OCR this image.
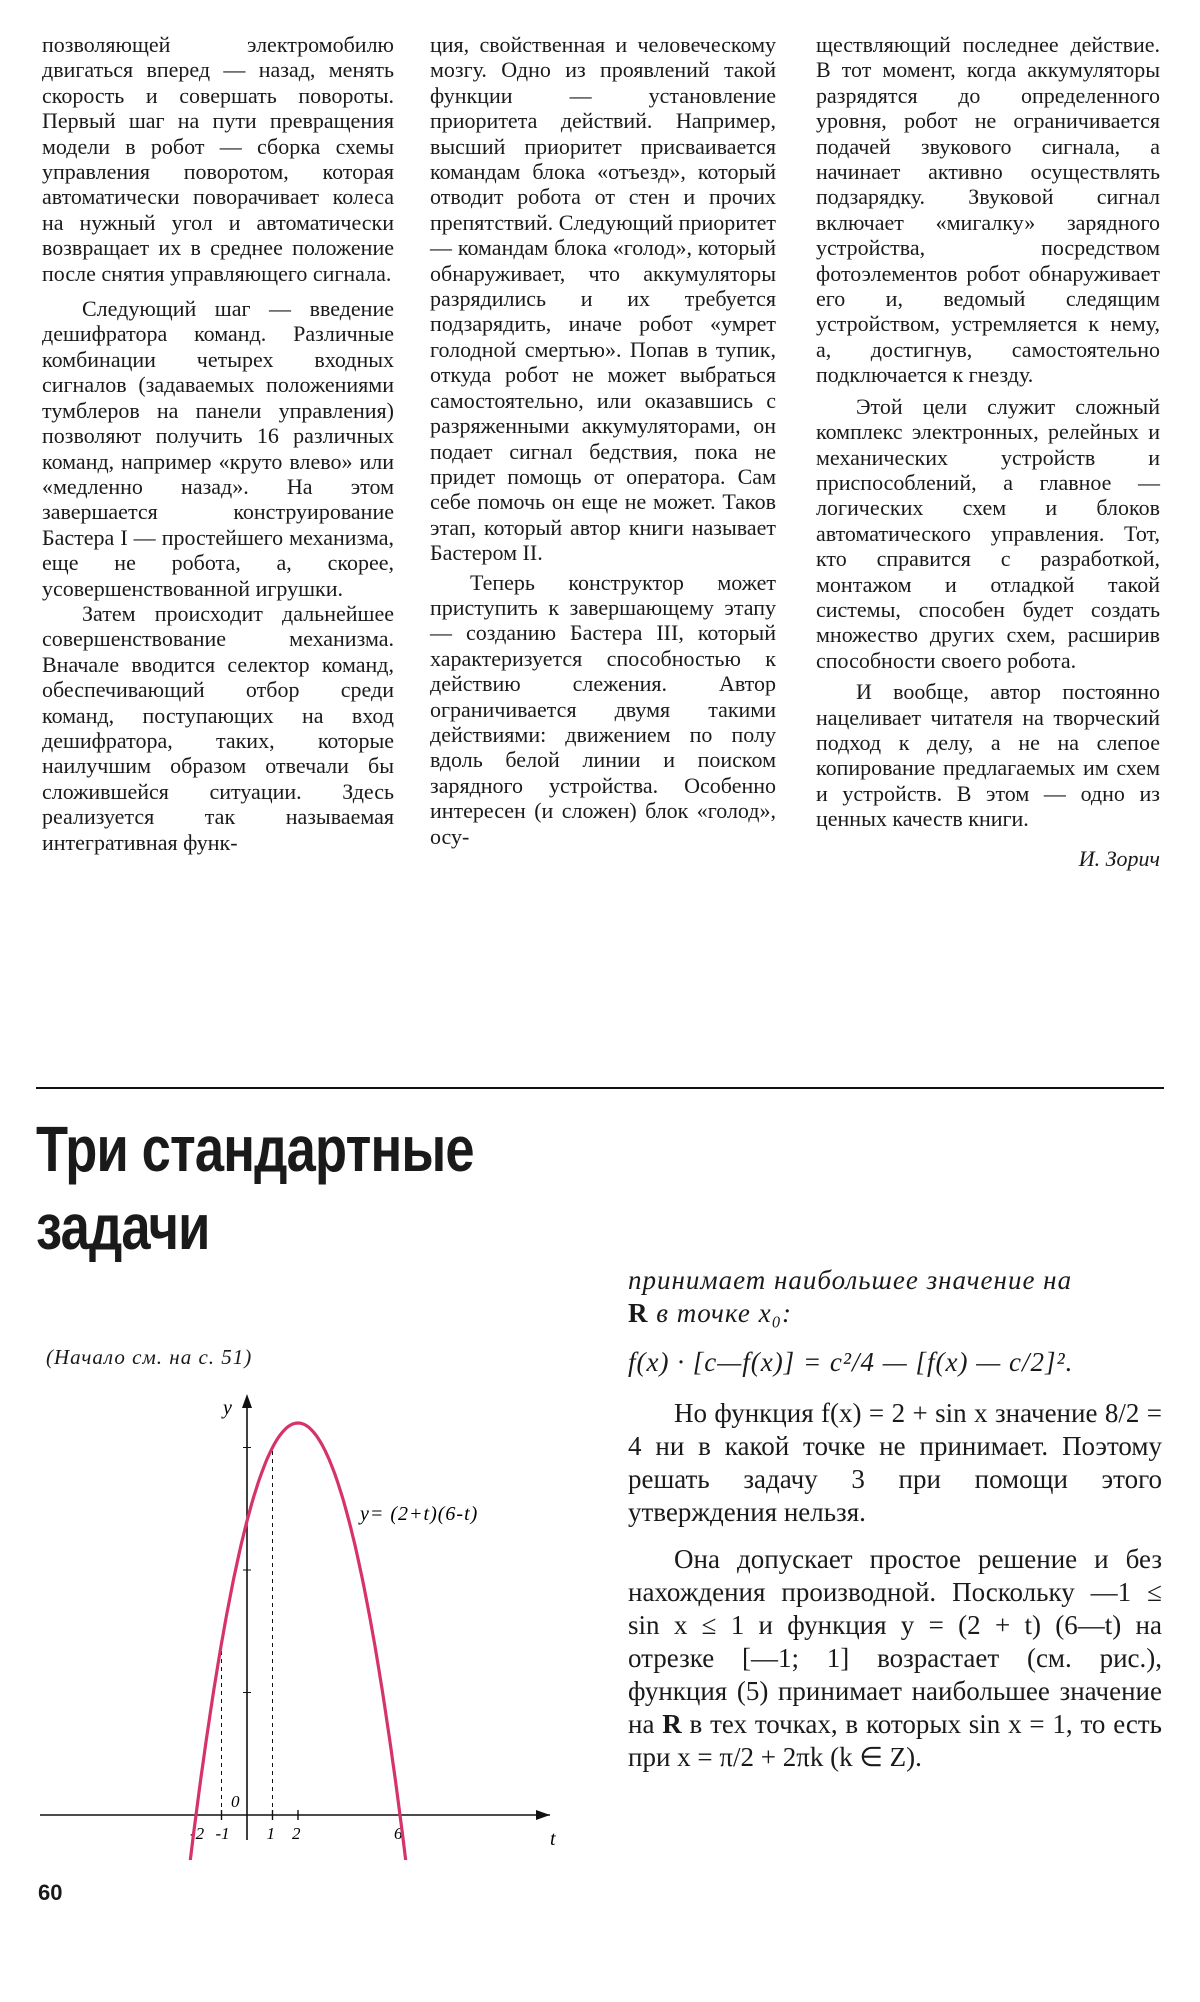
позволяющей электромобилю двигаться вперед — назад, менять скорость и совершать повороты. Первый шаг на пути превращения модели в робот — сборка схемы управления поворотом, которая автоматически поворачивает колеса на нужный угол и автоматически возвращает их в среднее положение после снятия управляющего сигнала.

Следующий шаг — введение дешифратора команд. Различные комбинации четырех входных сигналов (задаваемых положениями тумблеров на панели управления) позволяют получить 16 различных команд, например «круто влево» или «медленно назад». На этом завершается конструирование Бастера I — простейшего механизма, еще не робота, а, скорее, усовершенствованной игрушки.

Затем происходит дальнейшее совершенствование механизма. Вначале вводится селектор команд, обеспечивающий отбор среди команд, поступающих на вход дешифратора, таких, которые наилучшим образом отвечали бы сложившейся ситуации. Здесь реализуется так называемая интегративная функ-

ция, свойственная и человеческому мозгу. Одно из проявлений такой функции — установление приоритета действий. Например, высший приоритет присваивается командам блока «отъезд», который отводит робота от стен и прочих препятствий. Следующий приоритет — командам блока «голод», который обнаруживает, что аккумуляторы разрядились и их требуется подзарядить, иначе робот «умрет голодной смертью». Попав в тупик, откуда робот не может выбраться самостоятельно, или оказавшись с разряженными аккумуляторами, он подает сигнал бедствия, пока не придет помощь от оператора. Сам себе помочь он еще не может. Таков этап, который автор книги называет Бастером II.

Теперь конструктор может приступить к завершающему этапу — созданию Бастера III, который характеризуется способностью к действию слежения. Автор ограничивается двумя такими действиями: движением по полу вдоль белой линии и поиском зарядного устройства. Особенно интересен (и сложен) блок «голод», осу-

ществляющий последнее действие. В тот момент, когда аккумуляторы разрядятся до определенного уровня, робот не ограничивается подачей звукового сигнала, а начинает активно осуществлять подзарядку. Звуковой сигнал включает «мигалку» зарядного устройства, посредством фотоэлементов робот обнаруживает его и, ведомый следящим устройством, устремляется к нему, а, достигнув, самостоятельно подключается к гнезду.

Этой цели служит сложный комплекс электронных, релейных и механических устройств и приспособлений, а главное — логических схем и блоков автоматического управления. Тот, кто справится с разработкой, монтажом и отладкой такой системы, способен будет создать множество других схем, расширив способности своего робота.

И вообще, автор постоянно нацеливает читателя на творческий подход к делу, а не на слепое копирование предлагаемых им схем и устройств. В этом — одно из ценных качеств книги.

И. Зорич

Три стандартные
задачи
(Начало см. на с. 51)
t
y
0
-2 -1 1 2	6
y= (2+t)(6-t)

принимает наибольшее значение на
R в точке x₀:

f(x) · [c—f(x)] = c²/4 — [f(x) — c/2]².

Но функция f(x) = 2 + sin x значение 8/2 = 4 ни в какой точке не принимает. Поэтому решать задачу 3 при помощи этого утверждения нельзя.

Она допускает простое решение и без нахождения производной. Поскольку —1 ≤ sin x ≤ 1 и функция y = (2 + t) (6—t) на отрезке [—1; 1] возрастает (см. рис.), функция (5) принимает наибольшее значение на R в тех точках, в которых sin x = 1, то есть при x = π/2 + 2πk (k ∈ Z).

60
